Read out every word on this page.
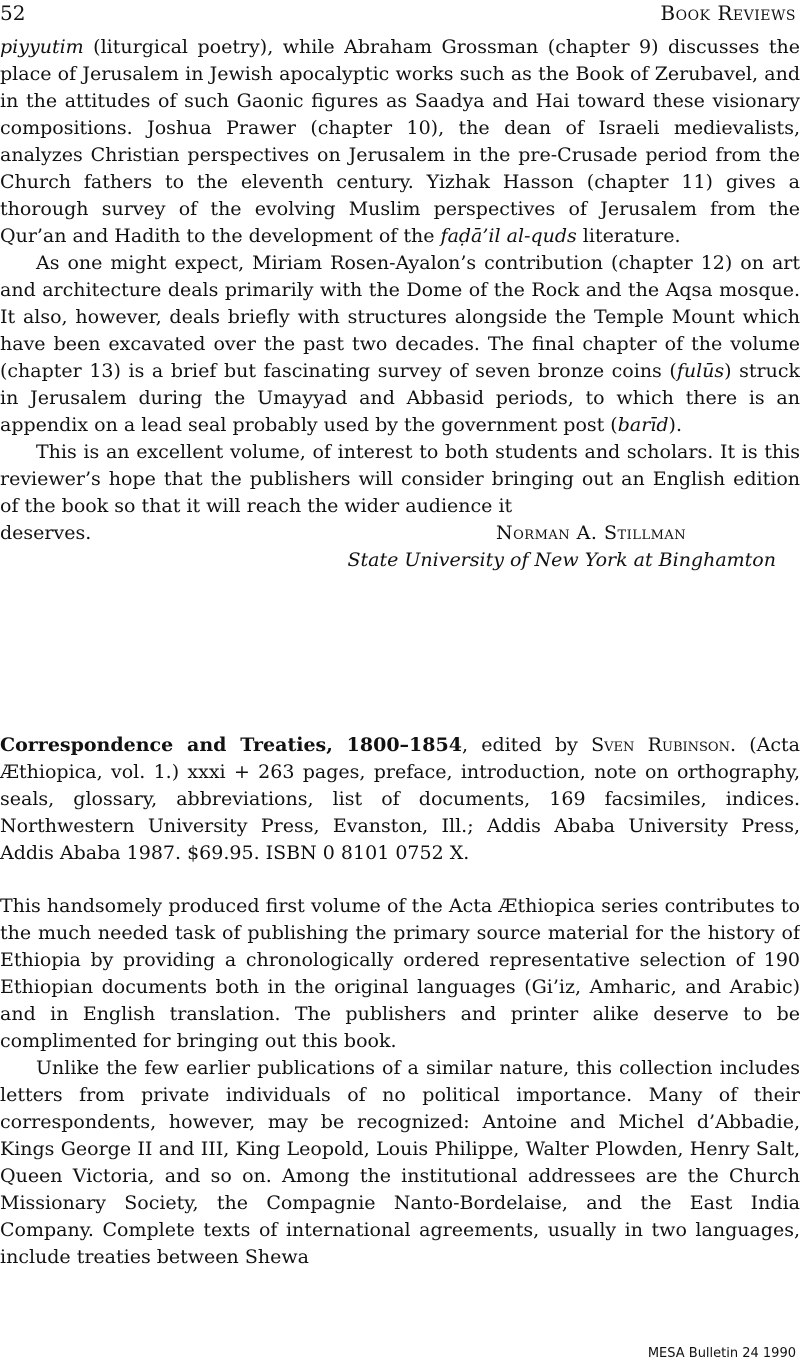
52	Book Reviews

piyyutim (liturgical poetry), while Abraham Grossman (chapter 9) discusses the place of Jerusalem in Jewish apocalyptic works such as the Book of Zerubavel, and in the attitudes of such Gaonic figures as Saadya and Hai toward these visionary compositions. Joshua Prawer (chapter 10), the dean of Israeli medievalists, analyzes Christian perspectives on Jerusalem in the pre-Crusade period from the Church fathers to the eleventh century. Yizhak Hasson (chapter 11) gives a thorough survey of the evolving Muslim perspectives of Jerusalem from the Qur’an and Hadith to the development of the faḍā’il al-quds literature.

As one might expect, Miriam Rosen-Ayalon’s contribution (chapter 12) on art and architecture deals primarily with the Dome of the Rock and the Aqsa mosque. It also, however, deals briefly with structures alongside the Temple Mount which have been excavated over the past two decades. The final chapter of the volume (chapter 13) is a brief but fascinating survey of seven bronze coins (fulūs) struck in Jerusalem during the Umayyad and Abbasid periods, to which there is an appendix on a lead seal probably used by the government post (barīd).

This is an excellent volume, of interest to both students and scholars. It is this reviewer’s hope that the publishers will consider bringing out an English edition of the book so that it will reach the wider audience it

deserves.	Norman A. Stillman
State University of New York at Binghamton

Correspondence and Treaties, 1800–1854, edited by Sven Rubinson. (Acta Æthiopica, vol. 1.) xxxi + 263 pages, preface, introduction, note on orthography, seals, glossary, abbreviations, list of documents, 169 facsimiles, indices. Northwestern University Press, Evanston, Ill.; Addis Ababa University Press, Addis Ababa 1987. $69.95. ISBN 0 8101 0752 X.

This handsomely produced first volume of the Acta Æthiopica series contributes to the much needed task of publishing the primary source material for the history of Ethiopia by providing a chronologically ordered representative selection of 190 Ethiopian documents both in the original languages (Gi’iz, Amharic, and Arabic) and in English translation. The publishers and printer alike deserve to be complimented for bringing out this book.

Unlike the few earlier publications of a similar nature, this collection includes letters from private individuals of no political importance. Many of their correspondents, however, may be recognized: Antoine and Michel d’Abbadie, Kings George II and III, King Leopold, Louis Philippe, Walter Plowden, Henry Salt, Queen Victoria, and so on. Among the institutional addressees are the Church Missionary Society, the Compagnie Nanto-Bordelaise, and the East India Company. Complete texts of international agreements, usually in two languages, include treaties between Shewa

MESA Bulletin 24 1990
